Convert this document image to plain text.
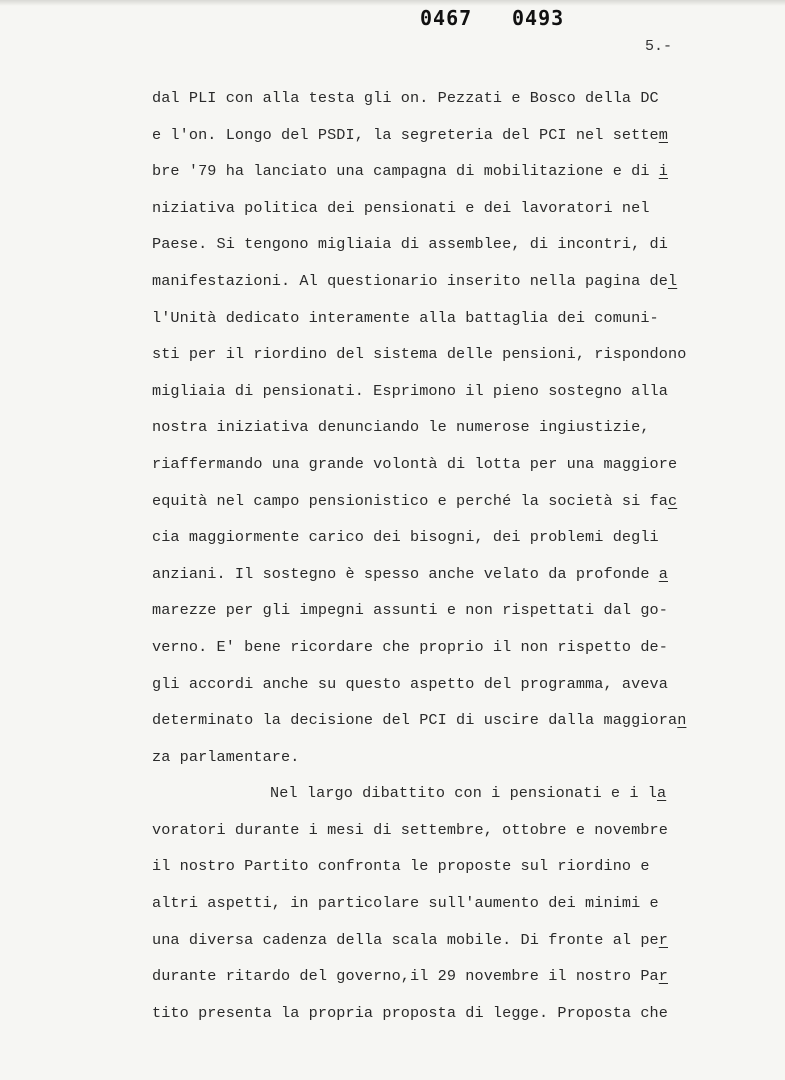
0467 0493
5.-
dal PLI con alla testa gli on. Pezzati e Bosco della DC
e l'on. Longo del PSDI, la segreteria del PCI nel settem
bre '79 ha lanciato una campagna di mobilitazione e di i
niziativa politica dei pensionati e dei lavoratori nel
Paese. Si tengono migliaia di assemblee, di incontri, di
manifestazioni. Al questionario inserito nella pagina del
l'Unità dedicato interamente alla battaglia dei comuni-
sti per il riordino del sistema delle pensioni, rispondono
migliaia di pensionati. Esprimono il pieno sostegno alla
nostra iniziativa denunciando le numerose ingiustizie,
riaffermando una grande volontà di lotta per una maggiore
equità nel campo pensionistico e perché la società si fac
cia maggiormente carico dei bisogni, dei problemi degli
anziani. Il sostegno è spesso anche velato da profonde a
marezze per gli impegni assunti e non rispettati dal go-
verno. E' bene ricordare che proprio il non rispetto de-
gli accordi anche su questo aspetto del programma, aveva
determinato la decisione del PCI di uscire dalla maggioran
za parlamentare.
Nel largo dibattito con i pensionati e i la
voratori durante i mesi di settembre, ottobre e novembre
il nostro Partito confronta le proposte sul riordino e
altri aspetti, in particolare sull'aumento dei minimi e
una diversa cadenza della scala mobile. Di fronte al per
durante ritardo del governo,il 29 novembre il nostro Par
tito presenta la propria proposta di legge. Proposta che
